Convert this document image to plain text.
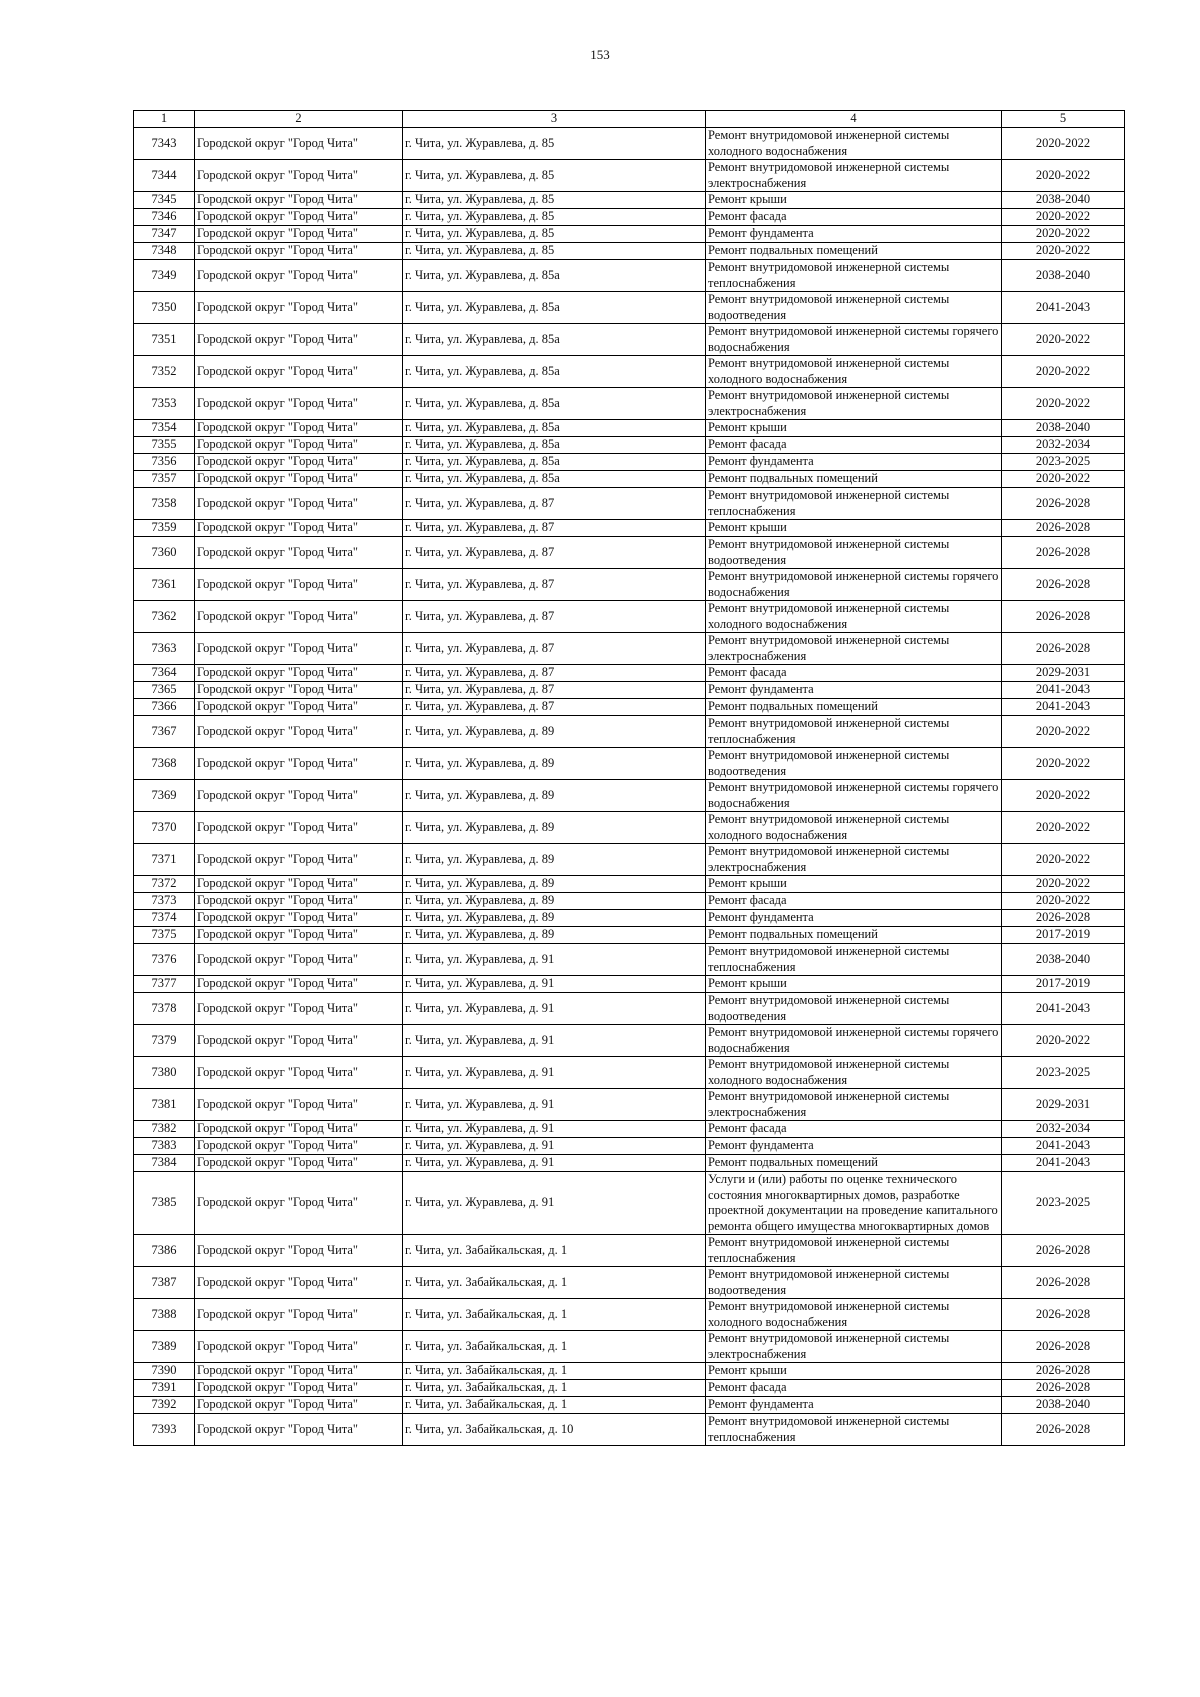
153
1	2	3	4	5
7343	Городской округ "Город Чита"	г. Чита, ул. Журавлева, д. 85	Ремонт внутридомовой инженерной системы холодного водоснабжения	2020-2022
7344	Городской округ "Город Чита"	г. Чита, ул. Журавлева, д. 85	Ремонт внутридомовой инженерной системы электроснабжения	2020-2022
7345	Городской округ "Город Чита"	г. Чита, ул. Журавлева, д. 85	Ремонт крыши	2038-2040
7346	Городской округ "Город Чита"	г. Чита, ул. Журавлева, д. 85	Ремонт фасада	2020-2022
7347	Городской округ "Город Чита"	г. Чита, ул. Журавлева, д. 85	Ремонт фундамента	2020-2022
7348	Городской округ "Город Чита"	г. Чита, ул. Журавлева, д. 85	Ремонт подвальных помещений	2020-2022
7349	Городской округ "Город Чита"	г. Чита, ул. Журавлева, д. 85а	Ремонт внутридомовой инженерной системы теплоснабжения	2038-2040
7350	Городской округ "Город Чита"	г. Чита, ул. Журавлева, д. 85а	Ремонт внутридомовой инженерной системы водоотведения	2041-2043
7351	Городской округ "Город Чита"	г. Чита, ул. Журавлева, д. 85а	Ремонт внутридомовой инженерной системы горячего водоснабжения	2020-2022
7352	Городской округ "Город Чита"	г. Чита, ул. Журавлева, д. 85а	Ремонт внутридомовой инженерной системы холодного водоснабжения	2020-2022
7353	Городской округ "Город Чита"	г. Чита, ул. Журавлева, д. 85а	Ремонт внутридомовой инженерной системы электроснабжения	2020-2022
7354	Городской округ "Город Чита"	г. Чита, ул. Журавлева, д. 85а	Ремонт крыши	2038-2040
7355	Городской округ "Город Чита"	г. Чита, ул. Журавлева, д. 85а	Ремонт фасада	2032-2034
7356	Городской округ "Город Чита"	г. Чита, ул. Журавлева, д. 85а	Ремонт фундамента	2023-2025
7357	Городской округ "Город Чита"	г. Чита, ул. Журавлева, д. 85а	Ремонт подвальных помещений	2020-2022
7358	Городской округ "Город Чита"	г. Чита, ул. Журавлева, д. 87	Ремонт внутридомовой инженерной системы теплоснабжения	2026-2028
7359	Городской округ "Город Чита"	г. Чита, ул. Журавлева, д. 87	Ремонт крыши	2026-2028
7360	Городской округ "Город Чита"	г. Чита, ул. Журавлева, д. 87	Ремонт внутридомовой инженерной системы водоотведения	2026-2028
7361	Городской округ "Город Чита"	г. Чита, ул. Журавлева, д. 87	Ремонт внутридомовой инженерной системы горячего водоснабжения	2026-2028
7362	Городской округ "Город Чита"	г. Чита, ул. Журавлева, д. 87	Ремонт внутридомовой инженерной системы холодного водоснабжения	2026-2028
7363	Городской округ "Город Чита"	г. Чита, ул. Журавлева, д. 87	Ремонт внутридомовой инженерной системы электроснабжения	2026-2028
7364	Городской округ "Город Чита"	г. Чита, ул. Журавлева, д. 87	Ремонт фасада	2029-2031
7365	Городской округ "Город Чита"	г. Чита, ул. Журавлева, д. 87	Ремонт фундамента	2041-2043
7366	Городской округ "Город Чита"	г. Чита, ул. Журавлева, д. 87	Ремонт подвальных помещений	2041-2043
7367	Городской округ "Город Чита"	г. Чита, ул. Журавлева, д. 89	Ремонт внутридомовой инженерной системы теплоснабжения	2020-2022
7368	Городской округ "Город Чита"	г. Чита, ул. Журавлева, д. 89	Ремонт внутридомовой инженерной системы водоотведения	2020-2022
7369	Городской округ "Город Чита"	г. Чита, ул. Журавлева, д. 89	Ремонт внутридомовой инженерной системы горячего водоснабжения	2020-2022
7370	Городской округ "Город Чита"	г. Чита, ул. Журавлева, д. 89	Ремонт внутридомовой инженерной системы холодного водоснабжения	2020-2022
7371	Городской округ "Город Чита"	г. Чита, ул. Журавлева, д. 89	Ремонт внутридомовой инженерной системы электроснабжения	2020-2022
7372	Городской округ "Город Чита"	г. Чита, ул. Журавлева, д. 89	Ремонт крыши	2020-2022
7373	Городской округ "Город Чита"	г. Чита, ул. Журавлева, д. 89	Ремонт фасада	2020-2022
7374	Городской округ "Город Чита"	г. Чита, ул. Журавлева, д. 89	Ремонт фундамента	2026-2028
7375	Городской округ "Город Чита"	г. Чита, ул. Журавлева, д. 89	Ремонт подвальных помещений	2017-2019
7376	Городской округ "Город Чита"	г. Чита, ул. Журавлева, д. 91	Ремонт внутридомовой инженерной системы теплоснабжения	2038-2040
7377	Городской округ "Город Чита"	г. Чита, ул. Журавлева, д. 91	Ремонт крыши	2017-2019
7378	Городской округ "Город Чита"	г. Чита, ул. Журавлева, д. 91	Ремонт внутридомовой инженерной системы водоотведения	2041-2043
7379	Городской округ "Город Чита"	г. Чита, ул. Журавлева, д. 91	Ремонт внутридомовой инженерной системы горячего водоснабжения	2020-2022
7380	Городской округ "Город Чита"	г. Чита, ул. Журавлева, д. 91	Ремонт внутридомовой инженерной системы холодного водоснабжения	2023-2025
7381	Городской округ "Город Чита"	г. Чита, ул. Журавлева, д. 91	Ремонт внутридомовой инженерной системы электроснабжения	2029-2031
7382	Городской округ "Город Чита"	г. Чита, ул. Журавлева, д. 91	Ремонт фасада	2032-2034
7383	Городской округ "Город Чита"	г. Чита, ул. Журавлева, д. 91	Ремонт фундамента	2041-2043
7384	Городской округ "Город Чита"	г. Чита, ул. Журавлева, д. 91	Ремонт подвальных помещений	2041-2043
7385	Городской округ "Город Чита"	г. Чита, ул. Журавлева, д. 91	Услуги и (или) работы по оценке технического состояния многоквартирных домов, разработке проектной документации на проведение капитального ремонта общего имущества многоквартирных домов	2023-2025
7386	Городской округ "Город Чита"	г. Чита, ул. Забайкальская, д. 1	Ремонт внутридомовой инженерной системы теплоснабжения	2026-2028
7387	Городской округ "Город Чита"	г. Чита, ул. Забайкальская, д. 1	Ремонт внутридомовой инженерной системы водоотведения	2026-2028
7388	Городской округ "Город Чита"	г. Чита, ул. Забайкальская, д. 1	Ремонт внутридомовой инженерной системы холодного водоснабжения	2026-2028
7389	Городской округ "Город Чита"	г. Чита, ул. Забайкальская, д. 1	Ремонт внутридомовой инженерной системы электроснабжения	2026-2028
7390	Городской округ "Город Чита"	г. Чита, ул. Забайкальская, д. 1	Ремонт крыши	2026-2028
7391	Городской округ "Город Чита"	г. Чита, ул. Забайкальская, д. 1	Ремонт фасада	2026-2028
7392	Городской округ "Город Чита"	г. Чита, ул. Забайкальская, д. 1	Ремонт фундамента	2038-2040
7393	Городской округ "Город Чита"	г. Чита, ул. Забайкальская, д. 10	Ремонт внутридомовой инженерной системы теплоснабжения	2026-2028
